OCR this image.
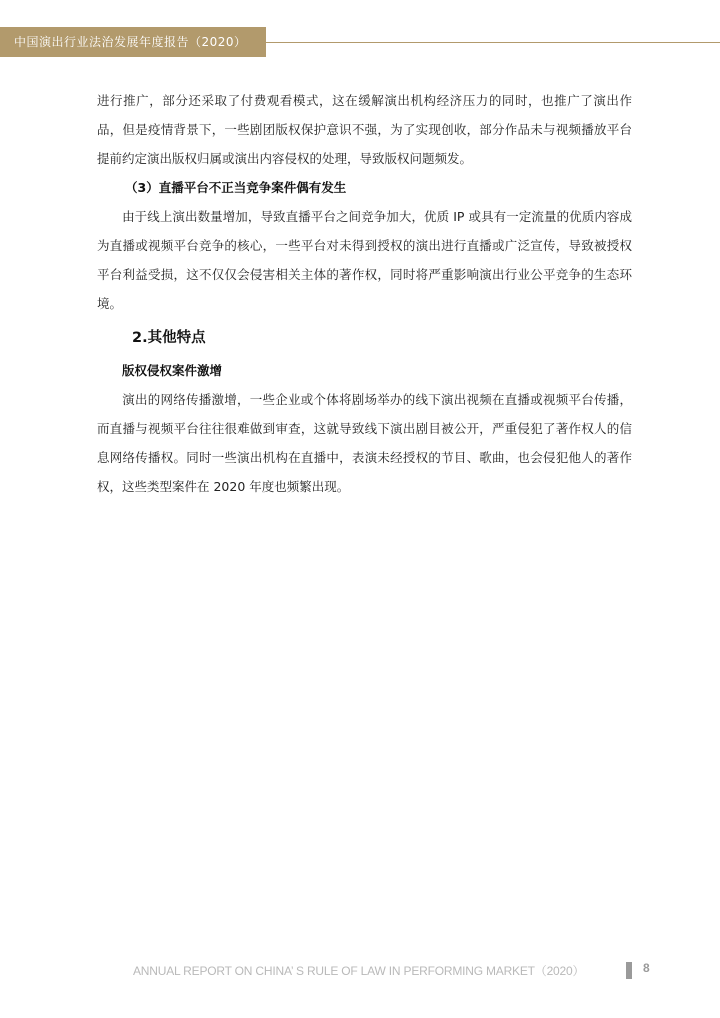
中国演出行业法治发展年度报告（2020）

进行推广，部分还采取了付费观看模式，这在缓解演出机构经济压力的同时，也推广了演出作品，但是疫情背景下，一些剧团版权保护意识不强，为了实现创收，部分作品未与视频播放平台提前约定演出版权归属或演出内容侵权的处理，导致版权问题频发。

（3）直播平台不正当竞争案件偶有发生

由于线上演出数量增加，导致直播平台之间竞争加大，优质 IP 或具有一定流量的优质内容成为直播或视频平台竞争的核心，一些平台对未得到授权的演出进行直播或广泛宣传，导致被授权平台利益受损，这不仅仅会侵害相关主体的著作权，同时将严重影响演出行业公平竞争的生态环境。

2.其他特点

版权侵权案件激增

演出的网络传播激增，一些企业或个体将剧场举办的线下演出视频在直播或视频平台传播，而直播与视频平台往往很难做到审查，这就导致线下演出剧目被公开，严重侵犯了著作权人的信息网络传播权。同时一些演出机构在直播中，表演未经授权的节目、歌曲，也会侵犯他人的著作权，这些类型案件在 2020 年度也频繁出现。

ANNUAL REPORT ON CHINA’ S RULE OF LAW IN PERFORMING MARKET（2020）	8
